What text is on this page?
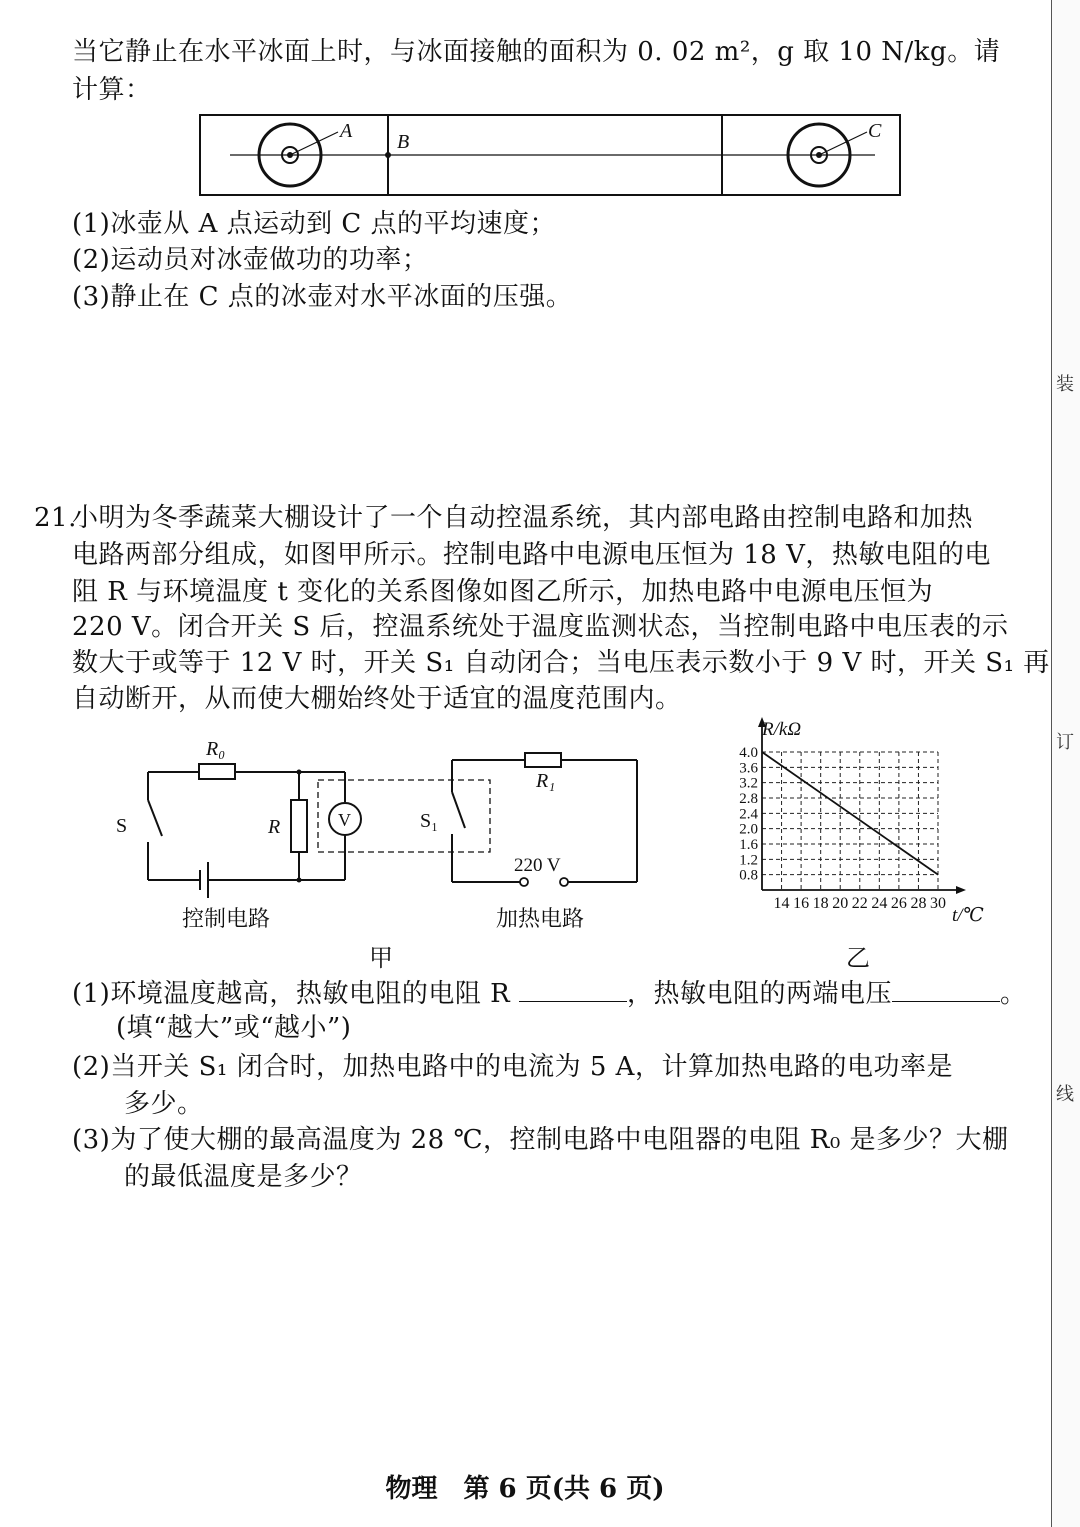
当它静止在水平冰面上时，与冰面接触的面积为 0. 02 m²，g 取 10 N/kg。请
计算：
A B	C
(1)冰壶从 A 点运动到 C 点的平均速度；
(2)运动员对冰壶做功的功率；
(3)静止在 C 点的冰壶对水平冰面的压强。
21.
小明为冬季蔬菜大棚设计了一个自动控温系统，其内部电路由控制电路和加热
电路两部分组成，如图甲所示。控制电路中电源电压恒为 18 V，热敏电阻的电
阻 R 与环境温度 t 变化的关系图像如图乙所示，加热电路中电源电压恒为
220 V。闭合开关 S 后，控温系统处于温度监测状态，当控制电路中电压表的示
数大于或等于 12 V 时，开关 S₁ 自动闭合；当电压表示数小于 9 V 时，开关 S₁ 再
自动断开，从而使大棚始终处于适宜的温度范围内。
R₀
R	V
S	S₁
R₁
220 V
控制电路	加热电路
甲
14 16 18 20 22 24 26 28 30
0.8
1.2
1.6
2.0
2.4
2.8
3.2
3.6
4.0
R/kΩ
t/℃
乙
(1)环境温度越高，热敏电阻的电阻 R	，热敏电阻的两端电压	。
(填“越大”或“越小”)
(2)当开关 S₁ 闭合时，加热电路中的电流为 5 A，计算加热电路的电功率是
多少。
(3)为了使大棚的最高温度为 28 ℃，控制电路中电阻器的电阻 R₀ 是多少？大棚
的最低温度是多少？
装
订
线
物理　第 6 页(共 6 页)
